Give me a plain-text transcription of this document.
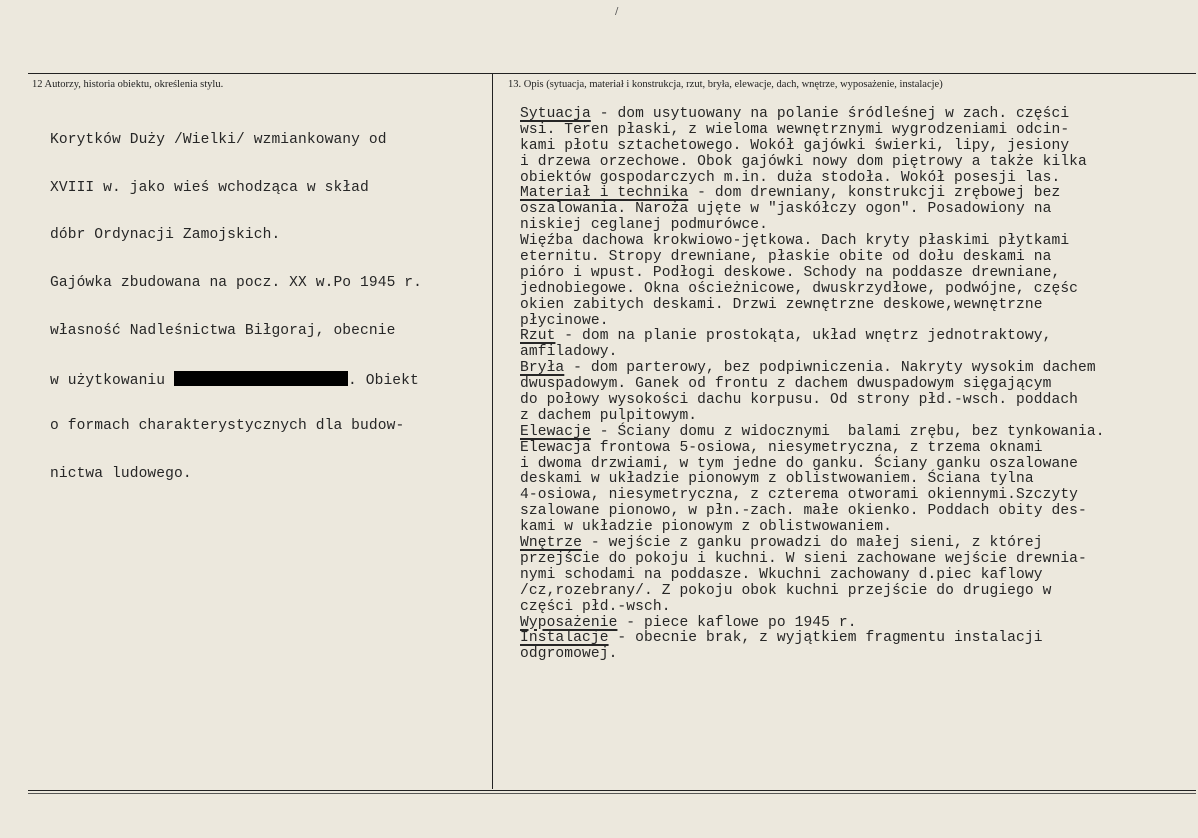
/
12 Autorzy, historia obiektu, określenia stylu.	13. Opis (sytuacja, materiał i konstrukcja, rzut, bryła, elewacje, dach, wnętrze, wyposażenie, instalacje)

Korytków Duży /Wielki/ wzmiankowany od

XVIII w. jako wieś wchodząca w skład

dóbr Ordynacji Zamojskich.

Gajówka zbudowana na pocz. XX w.Po 1945 r.

własność Nadleśnictwa Biłgoraj, obecnie

w użytkowaniu	. Obiekt

o formach charakterystycznych dla budow-

nictwa ludowego.

Sytuacja - dom usytuowany na polanie śródleśnej w zach. części
wsi. Teren płaski, z wieloma wewnętrznymi wygrodzeniami odcin-
kami płotu sztachetowego. Wokół gajówki świerki, lipy, jesiony
i drzewa orzechowe. Obok gajówki nowy dom piętrowy a także kilka
obiektów gospodarczych m.in. duża stodoła. Wokół posesji las.
Materiał i technika - dom drewniany, konstrukcji zrębowej bez
oszalowania. Naroża ujęte w "jaskółczy ogon". Posadowiony na
niskiej ceglanej podmurówce.
Więźba dachowa krokwiowo-jętkowa. Dach kryty płaskimi płytkami
eternitu. Stropy drewniane, płaskie obite od dołu deskami na
pióro i wpust. Podłogi deskowe. Schody na poddasze drewniane,
jednobiegowe. Okna ościeżnicowe, dwuskrzydłowe, podwójne, częśc
okien zabitych deskami. Drzwi zewnętrzne deskowe,wewnętrzne
płycinowe.
Rzut - dom na planie prostokąta, układ wnętrz jednotraktowy,
amfiladowy.
Bryła - dom parterowy, bez podpiwniczenia. Nakryty wysokim dachem
dwuspadowym. Ganek od frontu z dachem dwuspadowym sięgającym
do połowy wysokości dachu korpusu. Od strony płd.-wsch. poddach
z dachem pulpitowym.
Elewacje - Ściany domu z widocznymi  balami zrębu, bez tynkowania.
Elewacja frontowa 5-osiowa, niesymetryczna, z trzema oknami
i dwoma drzwiami, w tym jedne do ganku. Ściany ganku oszalowane
deskami w układzie pionowym z oblistwowaniem. Ściana tylna
4-osiowa, niesymetryczna, z czterema otworami okiennymi.Szczyty
szalowane pionowo, w płn.-zach. małe okienko. Poddach obity des-
kami w układzie pionowym z oblistwowaniem.
Wnętrze - wejście z ganku prowadzi do małej sieni, z której
przejście do pokoju i kuchni. W sieni zachowane wejście drewnia-
nymi schodami na poddasze. Wkuchni zachowany d.piec kaflowy
/cz,rozebrany/. Z pokoju obok kuchni przejście do drugiego w
części płd.-wsch.
Wyposażenie - piece kaflowe po 1945 r.
Instalacje - obecnie brak, z wyjątkiem fragmentu instalacji
odgromowej.
